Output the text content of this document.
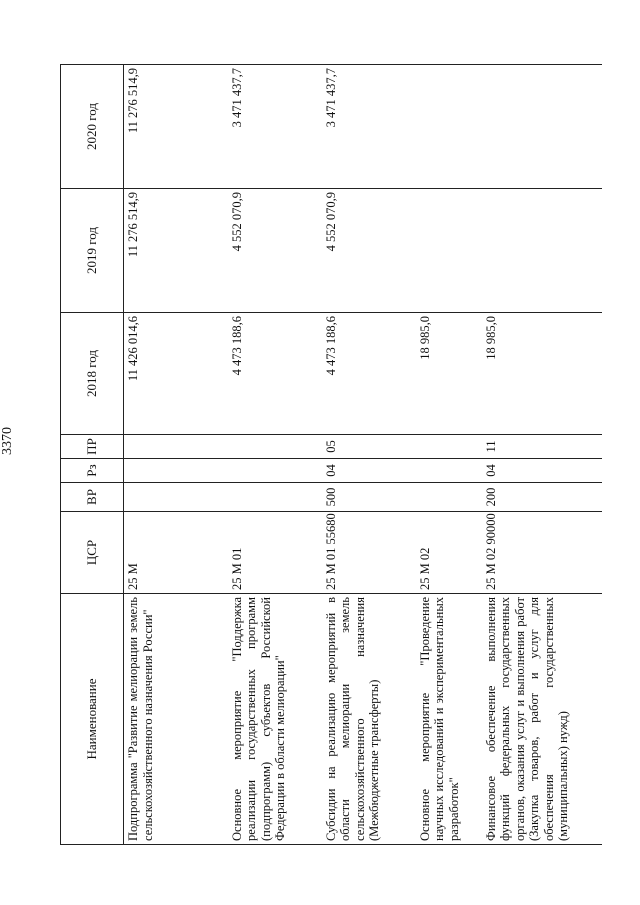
3370
Наименование	ЦСР	ВР	Рз	ПР	2018 год	2019 год	2020 год
Подпрограмма "Развитие мелиорации земель сельскохозяйственного назначения России"	25 М				11 426 014,6	11 276 514,9	11 276 514,9
Основное мероприятие "Поддержка реализации государственных программ (подпрограмм) субъектов Российской Федерации в области мелиорации"	25 М 01				4 473 188,6	4 552 070,9	3 471 437,7
Субсидии на реализацию мероприятий в области мелиорации земель сельскохозяйственного назначения (Межбюджетные трансферты)	25 М 01 55680	500	04	05	4 473 188,6	4 552 070,9	3 471 437,7
Основное мероприятие "Проведение научных исследований и экспериментальных разработок"	25 М 02				18 985,0		
Финансовое обеспечение выполнения функций федеральных государственных органов, оказания услуг и выполнения работ (Закупка товаров, работ и услуг для обеспечения государственных (муниципальных) нужд)	25 М 02 90000	200	04	11	18 985,0		
